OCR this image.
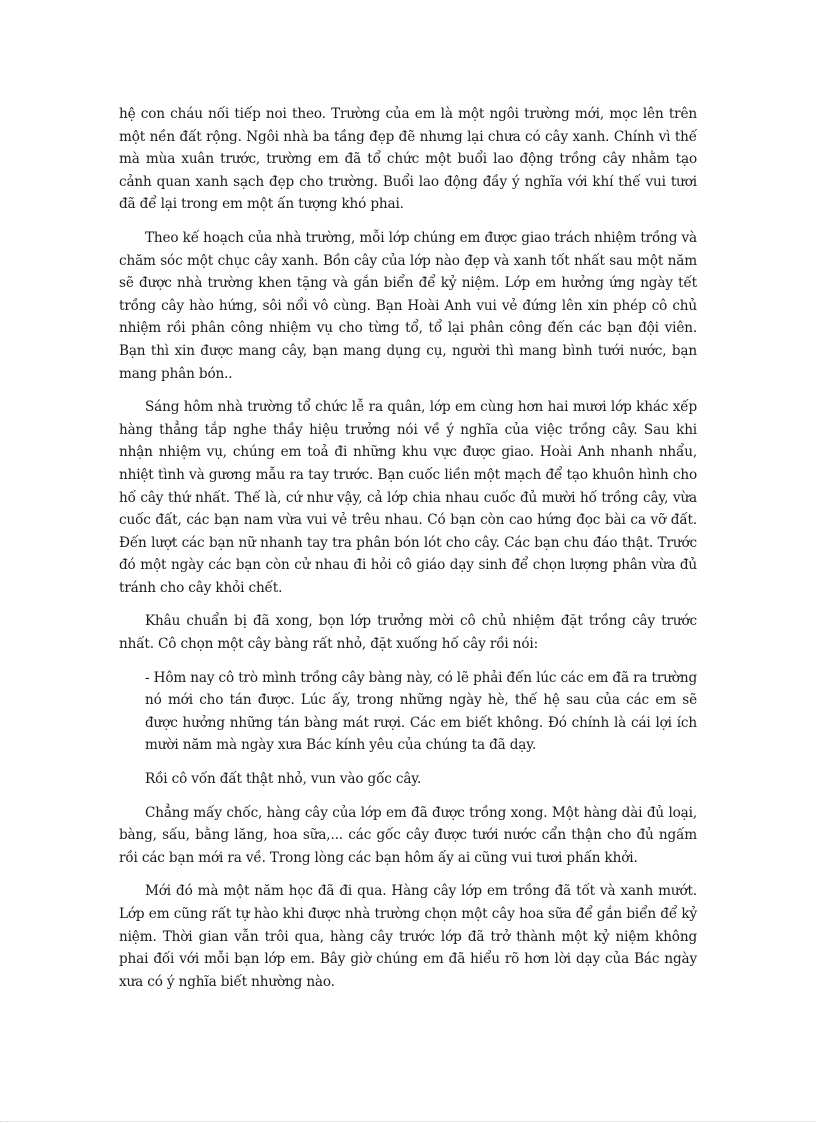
hệ con cháu nối tiếp noi theo. Trường của em là một ngôi trường mới, mọc lên trên một nền đất rộng. Ngôi nhà ba tầng đẹp đẽ nhưng lại chưa có cây xanh. Chính vì thế mà mùa xuân trước, trường em đã tổ chức một buổi lao động trồng cây nhằm tạo cảnh quan xanh sạch đẹp cho trường. Buổi lao động đầy ý nghĩa với khí thế vui tươi đã để lại trong em một ấn tượng khó phai.

Theo kế hoạch của nhà trường, mỗi lớp chúng em được giao trách nhiệm trồng và chăm sóc một chục cây xanh. Bồn cây của lớp nào đẹp và xanh tốt nhất sau một năm sẽ được nhà trường khen tặng và gắn biển để kỷ niệm. Lớp em hưởng ứng ngày tết trồng cây hào hứng, sôi nổi vô cùng. Bạn Hoài Anh vui vẻ đứng lên xin phép cô chủ nhiệm rồi phân công nhiệm vụ cho từng tổ, tổ lại phân công đến các bạn đội viên. Bạn thì xin được mang cây, bạn mang dụng cụ, người thì mang bình tưới nước, bạn mang phân bón..

Sáng hôm nhà trường tổ chức lễ ra quân, lớp em cùng hơn hai mươi lớp khác xếp hàng thẳng tắp nghe thầy hiệu trưởng nói về ý nghĩa của việc trồng cây. Sau khi nhận nhiệm vụ, chúng em toả đi những khu vực được giao. Hoài Anh nhanh nhẩu, nhiệt tình và gương mẫu ra tay trước. Bạn cuốc liền một mạch để tạo khuôn hình cho hố cây thứ nhất. Thế là, cứ như vậy, cả lớp chia nhau cuốc đủ mười hố trồng cây, vừa cuốc đất, các bạn nam vừa vui vẻ trêu nhau. Có bạn còn cao hứng đọc bài ca vỡ đất. Đến lượt các bạn nữ nhanh tay tra phân bón lót cho cây. Các bạn chu đáo thật. Trước đó một ngày các bạn còn cử nhau đi hỏi cô giáo dạy sinh để chọn lượng phân vừa đủ tránh cho cây khỏi chết.

Khâu chuẩn bị đã xong, bọn lớp trưởng mời cô chủ nhiệm đặt trồng cây trước nhất. Cô chọn một cây bàng rất nhỏ, đặt xuống hố cây rồi nói:

- Hôm nay cô trò mình trồng cây bàng này, có lẽ phải đến lúc các em đã ra trường nó mới cho tán được. Lúc ấy, trong những ngày hè, thế hệ sau của các em sẽ được hưởng những tán bàng mát rượi. Các em biết không. Đó chính là cái lợi ích mười năm mà ngày xưa Bác kính yêu của chúng ta đã dạy.

Rồi cô vốn đất thật nhỏ, vun vào gốc cây.

Chẳng mấy chốc, hàng cây của lớp em đã được trồng xong. Một hàng dài đủ loại, bàng, sấu, bằng lăng, hoa sữa,... các gốc cây được tưới nước cẩn thận cho đủ ngấm rồi các bạn mới ra về. Trong lòng các bạn hôm ấy ai cũng vui tươi phấn khởi.

Mới đó mà một năm học đã đi qua. Hàng cây lớp em trồng đã tốt và xanh mướt. Lớp em cũng rất tự hào khi được nhà trường chọn một cây hoa sữa để gắn biển để kỷ niệm. Thời gian vẫn trôi qua, hàng cây trước lớp đã trở thành một kỷ niệm không phai đối với mỗi bạn lớp em. Bây giờ chúng em đã hiểu rõ hơn lời dạy của Bác ngày xưa có ý nghĩa biết nhường nào.
